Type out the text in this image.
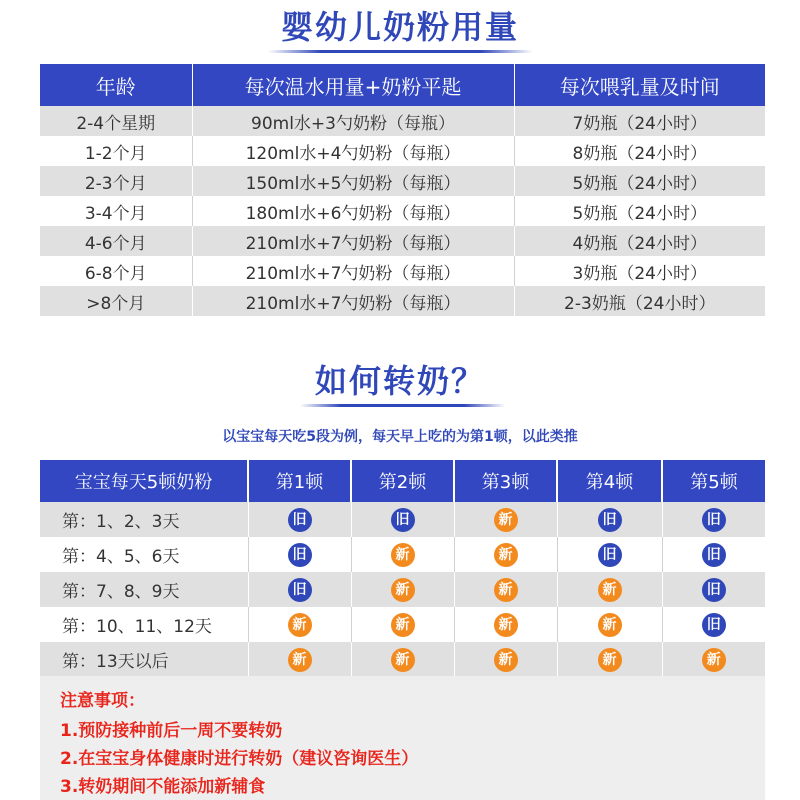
婴幼儿奶粉用量
年龄	每次温水用量+奶粉平匙	每次喂乳量及时间
2-4个星期	90ml水+3勺奶粉（每瓶）	7奶瓶（24小时）
1-2个月	120ml水+4勺奶粉（每瓶）	8奶瓶（24小时）
2-3个月	150ml水+5勺奶粉（每瓶）	5奶瓶（24小时）
3-4个月	180ml水+6勺奶粉（每瓶）	5奶瓶（24小时）
4-6个月	210ml水+7勺奶粉（每瓶）	4奶瓶（24小时）
6-8个月	210ml水+7勺奶粉（每瓶）	3奶瓶（24小时）
>8个月	210ml水+7勺奶粉（每瓶）	2-3奶瓶（24小时）
如何转奶？
以宝宝每天吃5段为例，每天早上吃的为第1顿，以此类推
宝宝每天5顿奶粉	第1顿	第2顿	第3顿	第4顿	第5顿
第：1、2、3天	旧	旧	新	旧	旧
第：4、5、6天	旧	新	新	旧	旧
第：7、8、9天	旧	新	新	新	旧
第：10、11、12天	新	新	新	新	旧
第：13天以后	新	新	新	新	新
注意事项：
1.预防接种前后一周不要转奶
2.在宝宝身体健康时进行转奶（建议咨询医生）
3.转奶期间不能添加新辅食
